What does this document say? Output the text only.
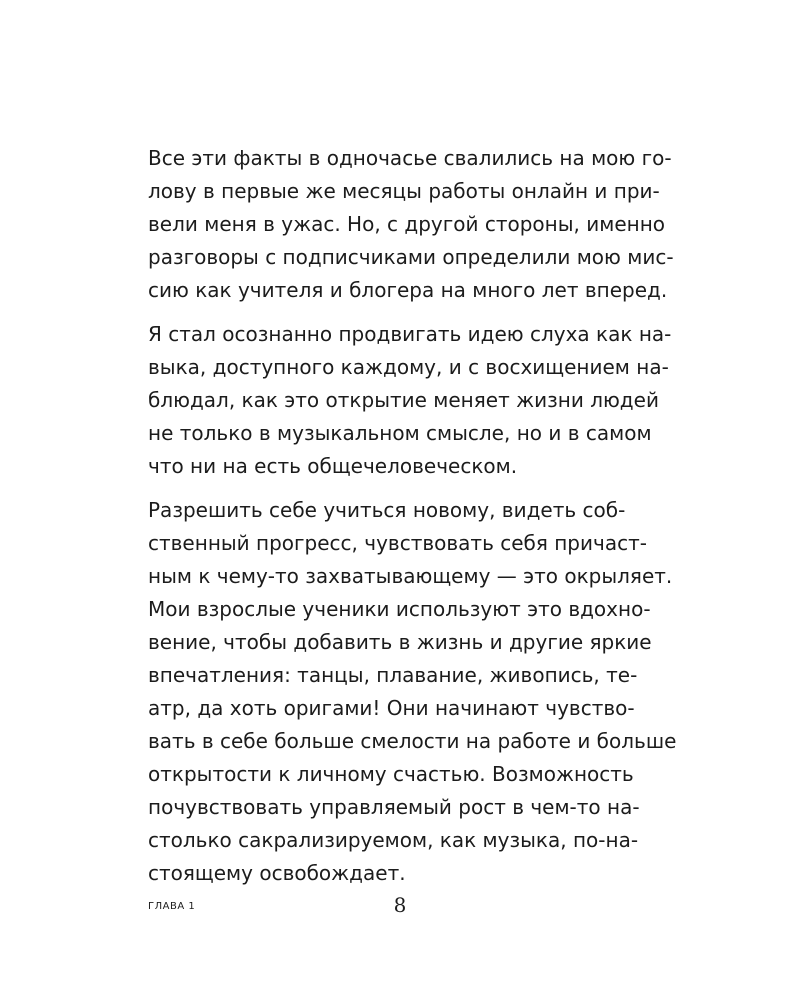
Все эти факты в одночасье свалились на мою го-
лову в первые же месяцы работы онлайн и при-
вели меня в ужас. Но, с другой стороны, именно
разговоры с подписчиками определили мою мис-
сию как учителя и блогера на много лет вперед.

Я стал осознанно продвигать идею слуха как на-
выка, доступного каждому, и с восхищением на-
блюдал, как это открытие меняет жизни людей
не только в музыкальном смысле, но и в самом
что ни на есть общечеловеческом.

Разрешить себе учиться новому, видеть соб-
ственный прогресс, чувствовать себя причаст-
ным к чему-то захватывающему — это окрыляет.
Мои взрослые ученики используют это вдохно-
вение, чтобы добавить в жизнь и другие яркие
впечатления: танцы, плавание, живопись, те-
атр, да хоть оригами! Они начинают чувство-
вать в себе больше смелости на работе и больше
открытости к личному счастью. Возможность
почувствовать управляемый рост в чем-то на-
столько сакрализируемом, как музыка, по-на-
стоящему освобождает.

ГЛАВА 1	8
